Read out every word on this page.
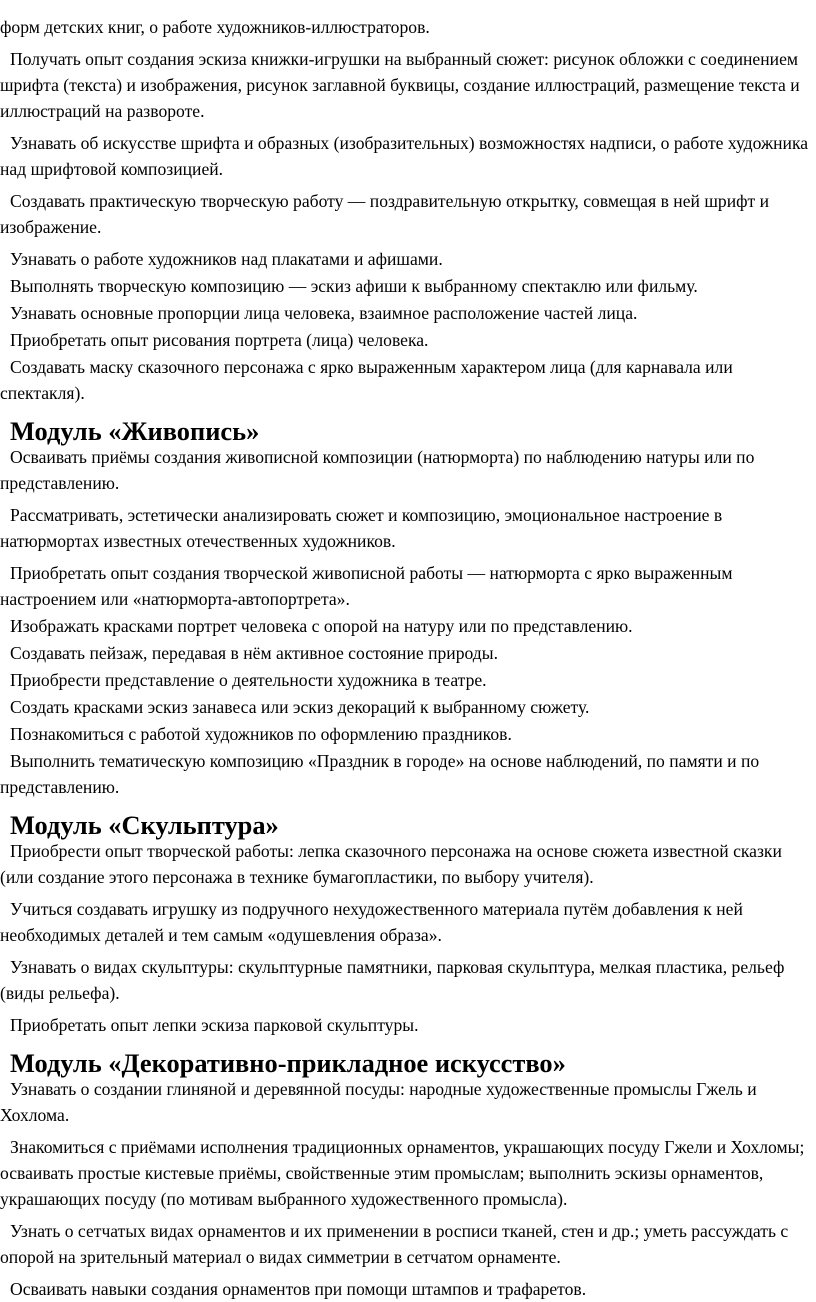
форм детских книг, о работе художников-иллюстраторов.

Получать опыт создания эскиза книжки-игрушки на выбранный сюжет: рисунок обложки с соединением шрифта (текста) и изображения, рисунок заглавной буквицы, создание иллюстраций, размещение текста и иллюстраций на развороте.

Узнавать об искусстве шрифта и образных (изобразительных) возможностях надписи, о работе художника над шрифтовой композицией.

Создавать практическую творческую работу — поздравительную открытку, совмещая в ней шрифт и изображение.

Узнавать о работе художников над плакатами и афишами.

Выполнять творческую композицию — эскиз афиши к выбранному спектаклю или фильму.

Узнавать основные пропорции лица человека, взаимное расположение частей лица.

Приобретать опыт рисования портрета (лица) человека.

Создавать маску сказочного персонажа с ярко выраженным характером лица (для карнавала или спектакля).

Модуль «Живопись»

Осваивать приёмы создания живописной композиции (натюрморта) по наблюдению натуры или по представлению.

Рассматривать, эстетически анализировать сюжет и композицию, эмоциональное настроение в натюрмортах известных отечественных художников.

Приобретать опыт создания творческой живописной работы — натюрморта с ярко выраженным настроением или «натюрморта-автопортрета».

Изображать красками портрет человека с опорой на натуру или по представлению.

Создавать пейзаж, передавая в нём активное состояние природы.

Приобрести представление о деятельности художника в театре.

Создать красками эскиз занавеса или эскиз декораций к выбранному сюжету.

Познакомиться с работой художников по оформлению праздников.

Выполнить тематическую композицию «Праздник в городе» на основе наблюдений, по памяти и по представлению.

Модуль «Скульптура»

Приобрести опыт творческой работы: лепка сказочного персонажа на основе сюжета известной сказки (или создание этого персонажа в технике бумагопластики, по выбору учителя).

Учиться создавать игрушку из подручного нехудожественного материала путём добавления к ней необходимых деталей и тем самым «одушевления образа».

Узнавать о видах скульптуры: скульптурные памятники, парковая скульптура, мелкая пластика, рельеф (виды рельефа).

Приобретать опыт лепки эскиза парковой скульптуры.

Модуль «Декоративно-прикладное искусство»

Узнавать о создании глиняной и деревянной посуды: народные художественные промыслы Гжель и Хохлома.

Знакомиться с приёмами исполнения традиционных орнаментов, украшающих посуду Гжели и Хохломы; осваивать простые кистевые приёмы, свойственные этим промыслам; выполнить эскизы орнаментов, украшающих посуду (по мотивам выбранного художественного промысла).

Узнать о сетчатых видах орнаментов и их применении в росписи тканей, стен и др.; уметь рассуждать с опорой на зрительный материал о видах симметрии в сетчатом орнаменте.

Осваивать навыки создания орнаментов при помощи штампов и трафаретов.
